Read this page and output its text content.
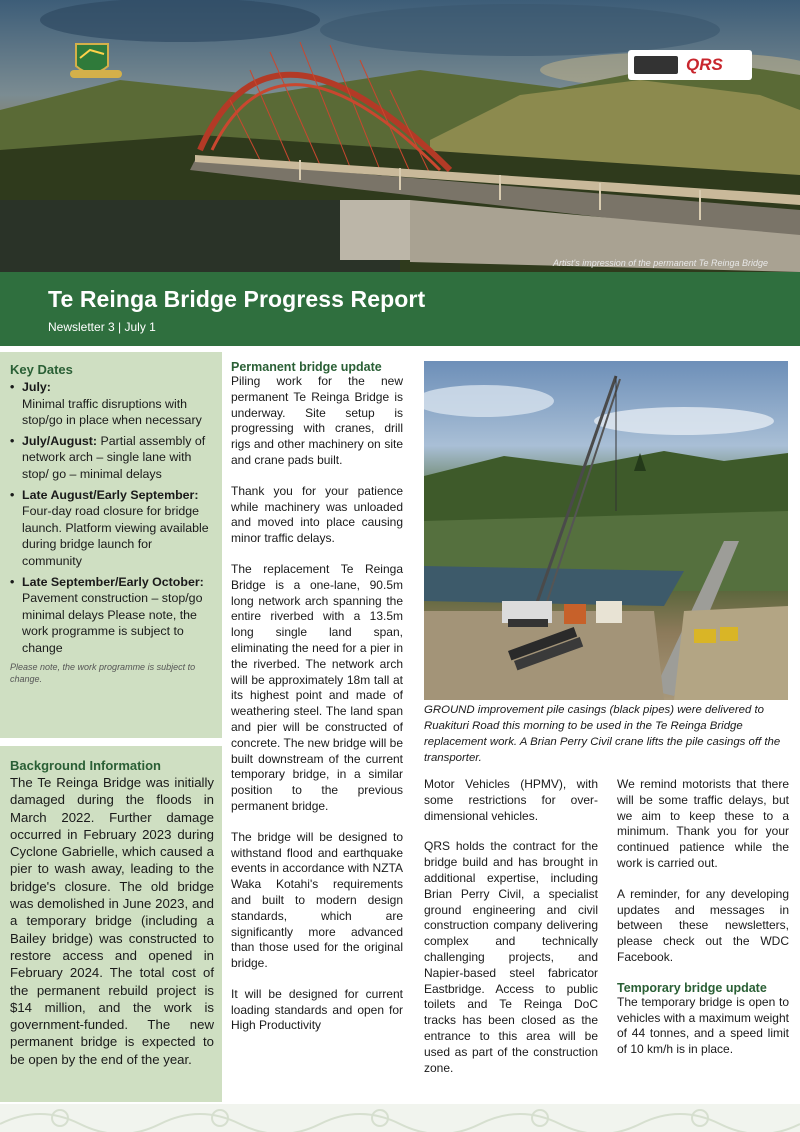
QRS
Artist's impression of the permanent Te Reinga Bridge
Te Reinga Bridge Progress Report
Newsletter 3 | July 1
Key Dates
• July:
Minimal traffic disruptions with stop/go in place when necessary
• July/August: Partial assembly of network arch – single lane with stop/ go – minimal delays
• Late August/Early September: Four-day road closure for bridge launch. Platform viewing available during bridge launch for community
• Late September/Early October: Pavement construction – stop/go minimal delays Please note, the work programme is subject to change
Please note, the work programme is subject to change.
Background Information

The Te Reinga Bridge was initially damaged during the floods in March 2022. Further damage occurred in February 2023 during Cyclone Gabrielle, which caused a pier to wash away, leading to the bridge's closure. The old bridge was demolished in June 2023, and a temporary bridge (including a Bailey bridge) was constructed to restore access and opened in February 2024. The total cost of the permanent rebuild project is $14 million, and the work is government-funded. The new permanent bridge is expected to be open by the end of the year.

Permanent bridge update

Piling work for the new permanent Te Reinga Bridge is underway. Site setup is progressing with cranes, drill rigs and other machinery on site and crane pads built.

Thank you for your patience while machinery was unloaded and moved into place causing minor traffic delays.

The replacement Te Reinga Bridge is a one-lane, 90.5m long network arch spanning the entire riverbed with a 13.5m long single land span, eliminating the need for a pier in the riverbed. The network arch will be approximately 18m tall at its highest point and made of weathering steel. The land span and pier will be constructed of concrete. The new bridge will be built downstream of the current temporary bridge, in a similar position to the previous permanent bridge.

The bridge will be designed to withstand flood and earthquake events in accordance with NZTA Waka Kotahi's requirements and built to modern design standards, which are significantly more advanced than those used for the original bridge.

It will be designed for current loading standards and open for High Productivity

GROUND improvement pile casings (black pipes) were delivered to Ruakituri Road this morning to be used in the Te Reinga Bridge replacement work. A Brian Perry Civil crane lifts the pile casings off the transporter.

Motor Vehicles (HPMV), with some restrictions for over-dimensional vehicles.

QRS holds the contract for the bridge build and has brought in additional expertise, including Brian Perry Civil, a specialist ground engineering and civil construction company delivering complex and technically challenging projects, and Napier-based steel fabricator Eastbridge. Access to public toilets and Te Reinga DoC tracks has been closed as the entrance to this area will be used as part of the construction zone.

We remind motorists that there will be some traffic delays, but we aim to keep these to a minimum. Thank you for your continued patience while the work is carried out.

A reminder, for any developing updates and messages in between these newsletters, please check out the WDC Facebook.

Temporary bridge update

The temporary bridge is open to vehicles with a maximum weight of 44 tonnes, and a speed limit of 10 km/h is in place.
